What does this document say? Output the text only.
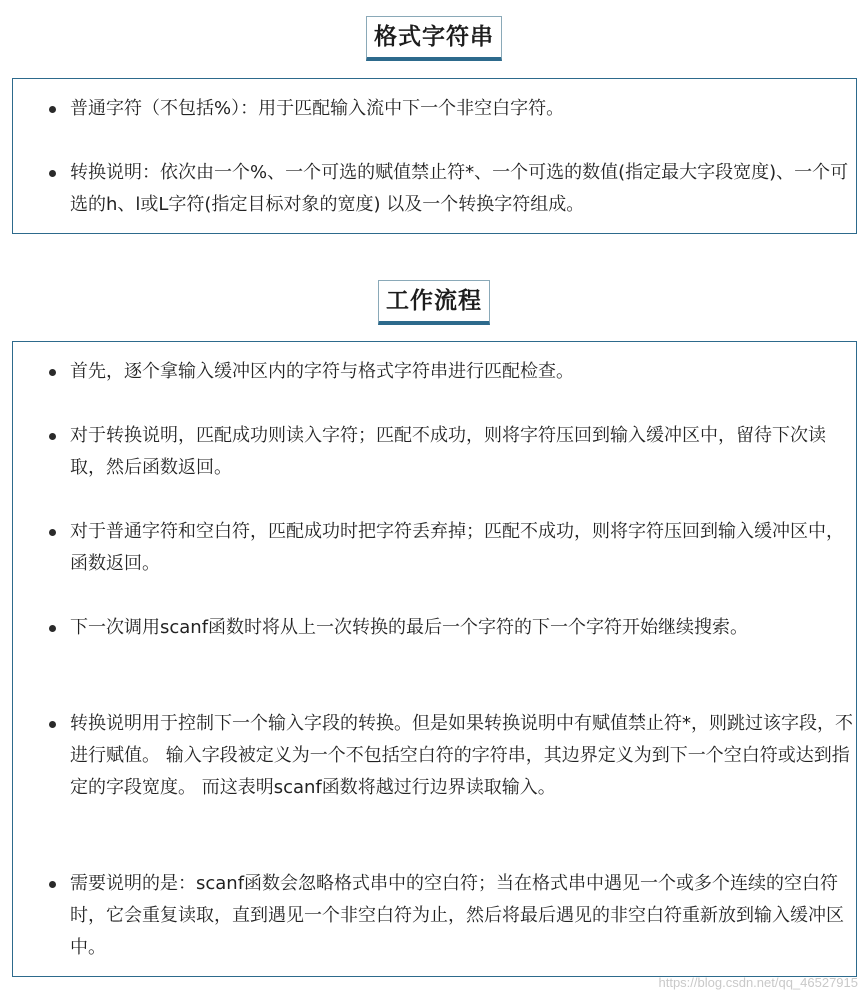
格式字符串
普通字符（不包括%）：用于匹配输入流中下一个非空白字符。
转换说明：依次由一个%、一个可选的赋值禁止符*、一个可选的数值(指定最大字段宽度)、一个可选的h、l或L字符(指定目标对象的宽度) 以及一个转换字符组成。
工作流程
首先，逐个拿输入缓冲区内的字符与格式字符串进行匹配检查。
对于转换说明，匹配成功则读入字符；匹配不成功，则将字符压回到输入缓冲区中，留待下次读取，然后函数返回。
对于普通字符和空白符，匹配成功时把字符丢弃掉；匹配不成功，则将字符压回到输入缓冲区中，函数返回。
下一次调用scanf函数时将从上一次转换的最后一个字符的下一个字符开始继续搜索。
转换说明用于控制下一个输入字段的转换。但是如果转换说明中有赋值禁止符*，则跳过该字段，不进行赋值。 输入字段被定义为一个不包括空白符的字符串，其边界定义为到下一个空白符或达到指定的字段宽度。 而这表明scanf函数将越过行边界读取输入。
需要说明的是：scanf函数会忽略格式串中的空白符；当在格式串中遇见一个或多个连续的空白符时，它会重复读取，直到遇见一个非空白符为止，然后将最后遇见的非空白符重新放到输入缓冲区中。
https://blog.csdn.net/qq_46527915
